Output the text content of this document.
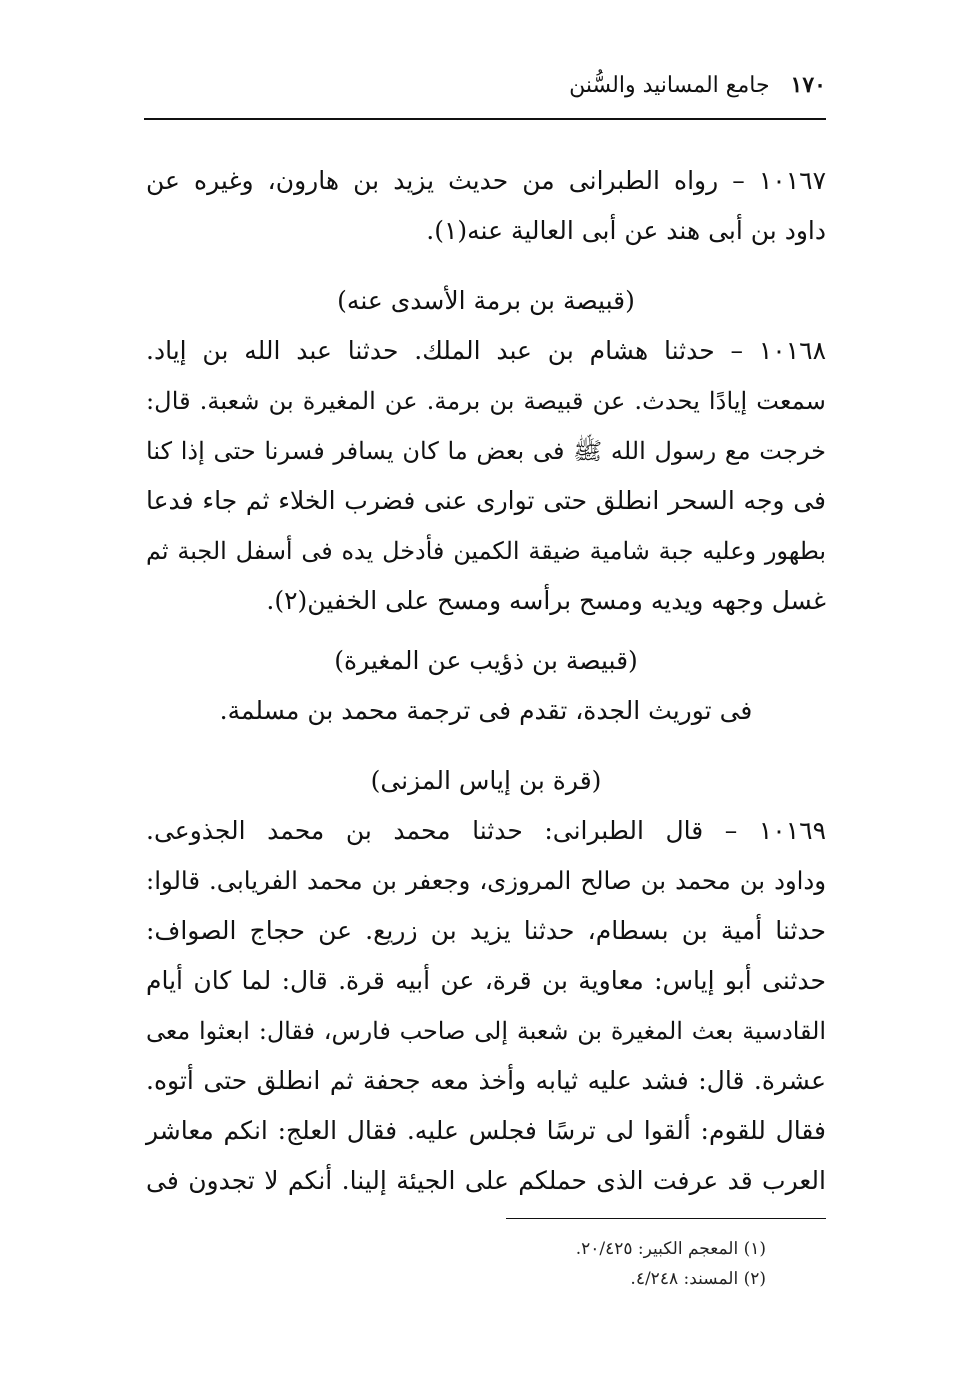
١٧٠ جامع المسانيد والسُّنن
١٠١٦٧ – رواه الطبرانى من حديث يزيد بن هارون، وغيره عن
داود بن أبى هند عن أبى العالية عنه(١).
(قبيصة بن برمة الأسدى عنه)
١٠١٦٨ – حدثنا هشام بن عبد الملك. حدثنا عبد الله بن إياد.
سمعت إيادًا يحدث. عن قبيصة بن برمة. عن المغيرة بن شعبة. قال:
خرجت مع رسول الله ﷺ فى بعض ما كان يسافر فسرنا حتى إذا كنا
فى وجه السحر انطلق حتى توارى عنى فضرب الخلاء ثم جاء فدعا
بطهور وعليه جبة شامية ضيقة الكمين فأدخل يده فى أسفل الجبة ثم
غسل وجهه ويديه ومسح برأسه ومسح على الخفين(٢).
(قبيصة بن ذؤيب عن المغيرة)
فى توريث الجدة، تقدم فى ترجمة محمد بن مسلمة.
(قرة بن إياس المزنى)
١٠١٦٩ – قال الطبرانى: حدثنا محمد بن محمد الجذوعى.
وداود بن محمد بن صالح المروزى، وجعفر بن محمد الفريابى. قالوا:
حدثنا أمية بن بسطام، حدثنا يزيد بن زريع. عن حجاج الصواف:
حدثنى أبو إياس: معاوية بن قرة، عن أبيه قرة. قال: لما كان أيام
القادسية بعث المغيرة بن شعبة إلى صاحب فارس، فقال: ابعثوا معى
عشرة. قال: فشد عليه ثيابه وأخذ معه جحفة ثم انطلق حتى أتوه.
فقال للقوم: ألقوا لى ترسًا فجلس عليه. فقال العلج: انكم معاشر
العرب قد عرفت الذى حملكم على الجيئة إلينا. أنكم لا تجدون فى
(١) المعجم الكبير: ٢٠/٤٢٥.
(٢) المسند: ٤/٢٤٨.
